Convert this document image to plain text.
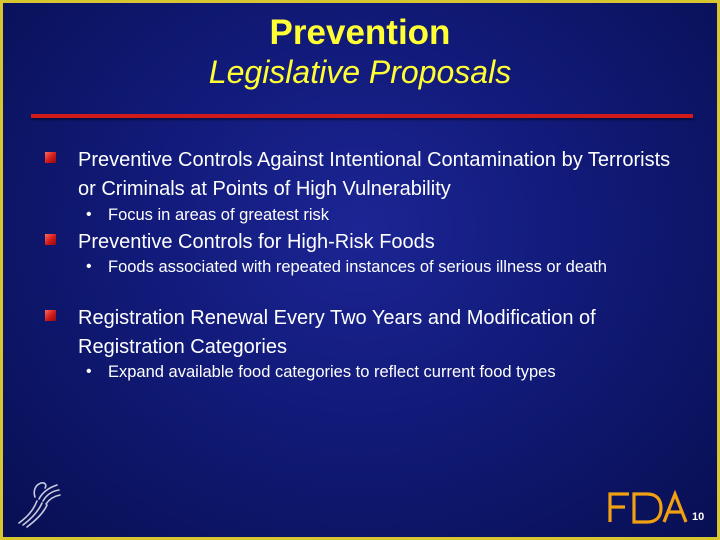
Prevention

Legislative Proposals

Preventive Controls Against Intentional Contamination by Terrorists or Criminals at Points of High Vulnerability
• Focus in areas of greatest risk
Preventive Controls for High-Risk Foods
• Foods associated with repeated instances of serious illness or death
Registration Renewal Every Two Years and Modification of Registration Categories
• Expand available food categories to reflect current food types
10
